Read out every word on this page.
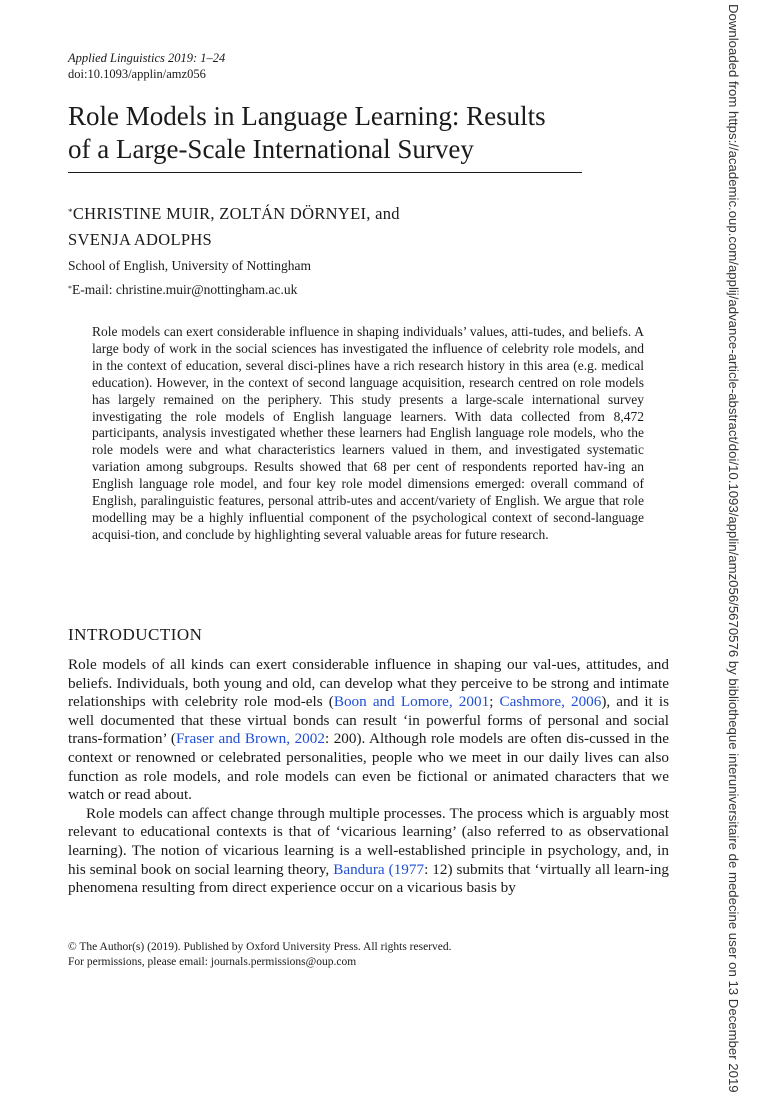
Applied Linguistics 2019: 1–24
doi:10.1093/applin/amz056
Role Models in Language Learning: Results
of a Large-Scale International Survey
*CHRISTINE MUIR, ZOLTÁN DÖRNYEI, and
SVENJA ADOLPHS
School of English, University of Nottingham
*E-mail: christine.muir@nottingham.ac.uk
Role models can exert considerable influence in shaping individuals’ values, atti-tudes, and beliefs. A large body of work in the social sciences has investigated the influence of celebrity role models, and in the context of education, several disci-plines have a rich research history in this area (e.g. medical education). However, in the context of second language acquisition, research centred on role models has largely remained on the periphery. This study presents a large-scale international survey investigating the role models of English language learners. With data collected from 8,472 participants, analysis investigated whether these learners had English language role models, who the role models were and what characteristics learners valued in them, and investigated systematic variation among subgroups. Results showed that 68 per cent of respondents reported hav-ing an English language role model, and four key role model dimensions emerged: overall command of English, paralinguistic features, personal attrib-utes and accent/variety of English. We argue that role modelling may be a highly influential component of the psychological context of second-language acquisi-tion, and conclude by highlighting several valuable areas for future research.
INTRODUCTION

Role models of all kinds can exert considerable influence in shaping our val-ues, attitudes, and beliefs. Individuals, both young and old, can develop what they perceive to be strong and intimate relationships with celebrity role mod-els (Boon and Lomore, 2001; Cashmore, 2006), and it is well documented that these virtual bonds can result ‘in powerful forms of personal and social trans-formation’ (Fraser and Brown, 2002: 200). Although role models are often dis-cussed in the context or renowned or celebrated personalities, people who we meet in our daily lives can also function as role models, and role models can even be fictional or animated characters that we watch or read about.

Role models can affect change through multiple processes. The process which is arguably most relevant to educational contexts is that of ‘vicarious learning’ (also referred to as observational learning). The notion of vicarious learning is a well-established principle in psychology, and, in his seminal book on social learning theory, Bandura (1977: 12) submits that ‘virtually all learn-ing phenomena resulting from direct experience occur on a vicarious basis by

© The Author(s) (2019). Published by Oxford University Press. All rights reserved.
For permissions, please email: journals.permissions@oup.com	Downloaded from https://academic.oup.com/applij/advance-article-abstract/doi/10.1093/applin/amz056/5670576 by bibliotheque interuniversitaire de medecine user on 13 December 2019
